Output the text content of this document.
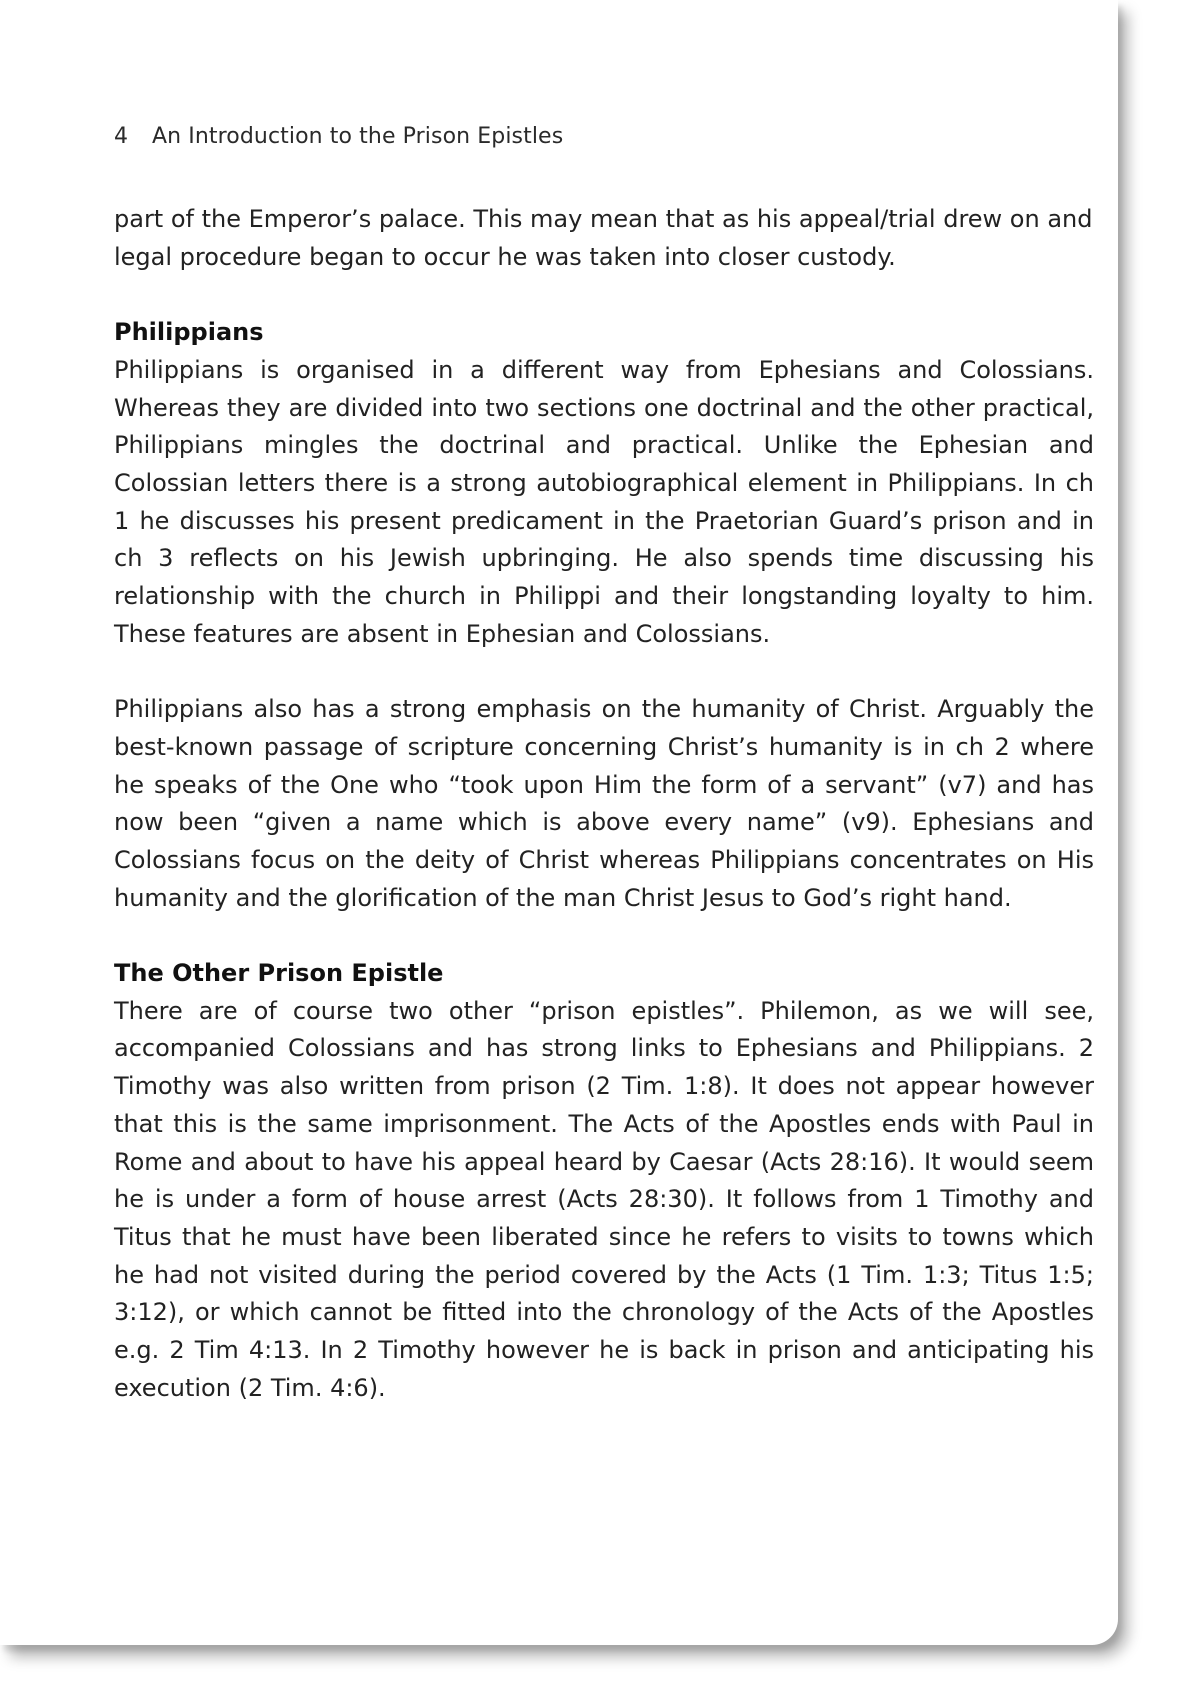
4 An Introduction to the Prison Epistles

part of the Emperor’s palace. This may mean that as his appeal/trial drew on and legal procedure began to occur he was taken into closer custody.

Philippians

Philippians is organised in a different way from Ephesians and Colossians. Whereas they are divided into two sections one doctrinal and the other practical, Philippians mingles the doctrinal and practical. Unlike the Ephesian and Colossian letters there is a strong autobiographical element in Philippians. In ch 1 he discusses his present predicament in the Praetorian Guard’s prison and in ch 3 reflects on his Jewish upbringing. He also spends time discussing his relationship with the church in Philippi and their longstanding loyalty to him. These features are absent in Ephesian and Colossians.

Philippians also has a strong emphasis on the humanity of Christ. Arguably the best-known passage of scripture concerning Christ’s humanity is in ch 2 where he speaks of the One who “took upon Him the form of a servant” (v7) and has now been “given a name which is above every name” (v9). Ephesians and Colossians focus on the deity of Christ whereas Philippians concentrates on His humanity and the glorification of the man Christ Jesus to God’s right hand.

The Other Prison Epistle

There are of course two other “prison epistles”. Philemon, as we will see, accompanied Colossians and has strong links to Ephesians and Philippians. 2 Timothy was also written from prison (2 Tim. 1:8). It does not appear however that this is the same imprisonment. The Acts of the Apostles ends with Paul in Rome and about to have his appeal heard by Caesar (Acts 28:16). It would seem he is under a form of house arrest (Acts 28:30). It follows from 1 Timothy and Titus that he must have been liberated since he refers to visits to towns which he had not visited during the period covered by the Acts (1 Tim. 1:3; Titus 1:5; 3:12), or which cannot be fitted into the chronology of the Acts of the Apostles e.g. 2 Tim 4:13. In 2 Timothy however he is back in prison and anticipating his execution (2 Tim. 4:6).
